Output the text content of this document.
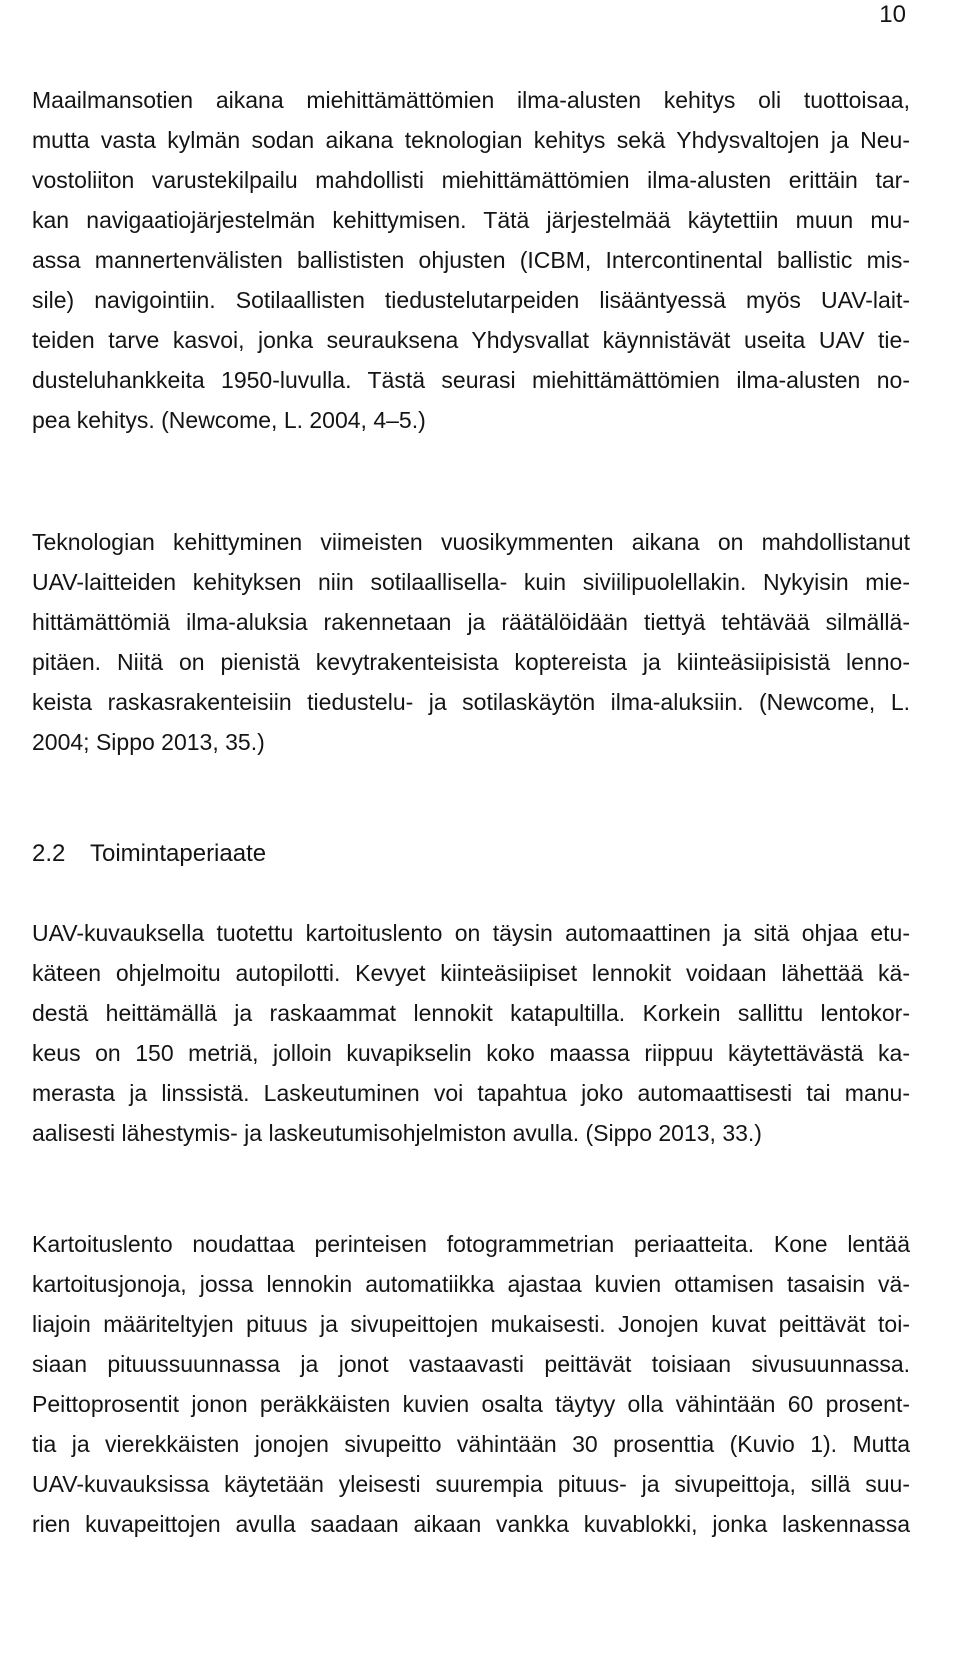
10
Maailmansotien aikana miehittämättömien ilma-alusten kehitys oli tuottoisaa,
mutta vasta kylmän sodan aikana teknologian kehitys sekä Yhdysvaltojen ja Neu-
vostoliiton varustekilpailu mahdollisti miehittämättömien ilma-alusten erittäin tar-
kan navigaatiojärjestelmän kehittymisen. Tätä järjestelmää käytettiin muun mu-
assa mannertenvälisten ballististen ohjusten (ICBM, Intercontinental ballistic mis-
sile) navigointiin. Sotilaallisten tiedustelutarpeiden lisääntyessä myös UAV-lait-
teiden tarve kasvoi, jonka seurauksena Yhdysvallat käynnistävät useita UAV tie-
dusteluhankkeita 1950-luvulla. Tästä seurasi miehittämättömien ilma-alusten no-
pea kehitys. (Newcome, L. 2004, 4–5.)
Teknologian kehittyminen viimeisten vuosikymmenten aikana on mahdollistanut
UAV-laitteiden kehityksen niin sotilaallisella- kuin siviilipuolellakin. Nykyisin mie-
hittämättömiä ilma-aluksia rakennetaan ja räätälöidään tiettyä tehtävää silmällä-
pitäen. Niitä on pienistä kevytrakenteisista koptereista ja kiinteäsiipisistä lenno-
keista raskasrakenteisiin tiedustelu- ja sotilaskäytön ilma-aluksiin. (Newcome, L.
2004; Sippo 2013, 35.)
2.2 Toimintaperiaate
UAV-kuvauksella tuotettu kartoituslento on täysin automaattinen ja sitä ohjaa etu-
käteen ohjelmoitu autopilotti. Kevyet kiinteäsiipiset lennokit voidaan lähettää kä-
destä heittämällä ja raskaammat lennokit katapultilla. Korkein sallittu lentokor-
keus on 150 metriä, jolloin kuvapikselin koko maassa riippuu käytettävästä ka-
merasta ja linssistä. Laskeutuminen voi tapahtua joko automaattisesti tai manu-
aalisesti lähestymis- ja laskeutumisohjelmiston avulla. (Sippo 2013, 33.)
Kartoituslento noudattaa perinteisen fotogrammetrian periaatteita. Kone lentää
kartoitusjonoja, jossa lennokin automatiikka ajastaa kuvien ottamisen tasaisin vä-
liajoin määriteltyjen pituus ja sivupeittojen mukaisesti. Jonojen kuvat peittävät toi-
siaan pituussuunnassa ja jonot vastaavasti peittävät toisiaan sivusuunnassa.
Peittoprosentit jonon peräkkäisten kuvien osalta täytyy olla vähintään 60 prosent-
tia ja vierekkäisten jonojen sivupeitto vähintään 30 prosenttia (Kuvio 1). Mutta
UAV-kuvauksissa käytetään yleisesti suurempia pituus- ja sivupeittoja, sillä suu-
rien kuvapeittojen avulla saadaan aikaan vankka kuvablokki, jonka laskennassa
